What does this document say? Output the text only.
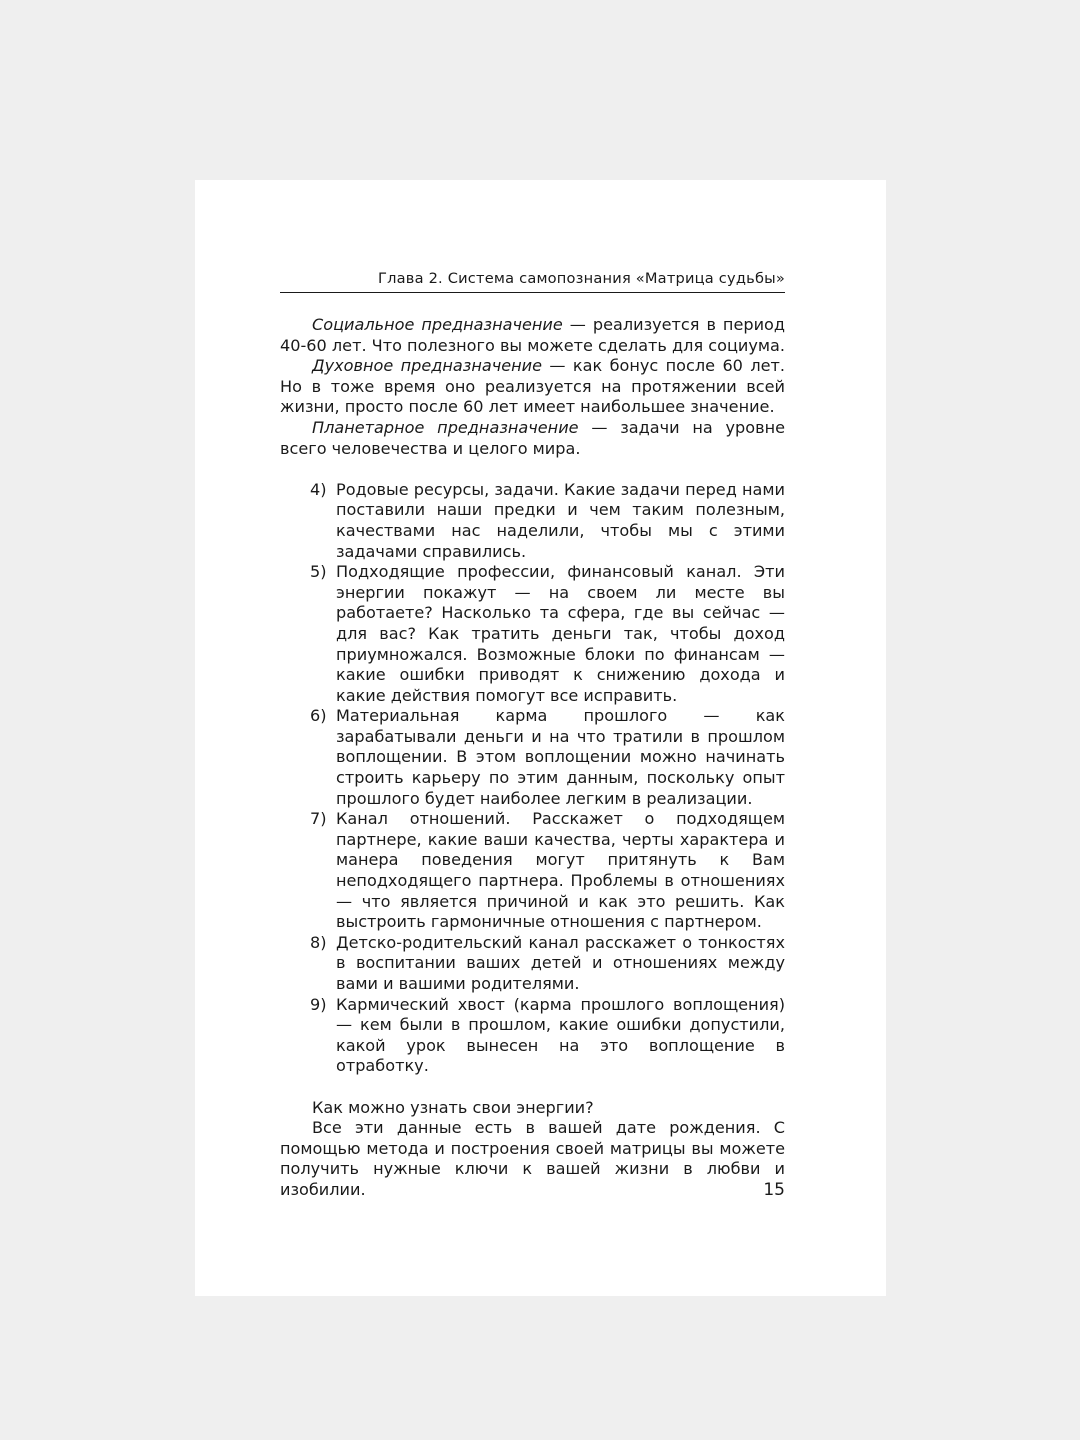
Глава 2. Система самопознания «Матрица судьбы»

Социальное предназначение — реализуется в период 40-60 лет. Что полезного вы можете сделать для социума.

Духовное предназначение — как бонус после 60 лет. Но в тоже время оно реализуется на протяжении всей жизни, просто после 60 лет имеет наибольшее значение.

Планетарное предназначение — задачи на уровне всего человечества и целого мира.

4) Родовые ресурсы, задачи. Какие задачи перед нами поставили наши предки и чем таким полезным, качествами нас наделили, чтобы мы с этими задачами справились.
5) Подходящие профессии, финансовый канал. Эти энергии покажут — на своем ли месте вы работаете? Насколько та сфера, где вы сейчас — для вас? Как тратить деньги так, чтобы доход приумножался. Возможные блоки по финансам — какие ошибки приводят к снижению дохода и какие действия помогут все исправить.
6) Материальная карма прошлого — как зарабатывали деньги и на что тратили в прошлом воплощении. В этом воплощении можно начинать строить карьеру по этим данным, поскольку опыт прошлого будет наиболее легким в реализации.
7) Канал отношений. Расскажет о подходящем партнере, какие ваши качества, черты характера и манера поведения могут притянуть к Вам неподходящего партнера. Проблемы в отношениях — что является причиной и как это решить. Как выстроить гармоничные отношения с партнером.
8) Детско-родительский канал расскажет о тонкостях в воспитании ваших детей и отношениях между вами и вашими родителями.
9) Кармический хвост (карма прошлого воплощения) — кем были в прошлом, какие ошибки допустили, какой урок вынесен на это воплощение в отработку.

Как можно узнать свои энергии?

Все эти данные есть в вашей дате рождения. С помощью метода и построения своей матрицы вы можете получить нужные ключи к вашей жизни в любви и изобилии.	15
